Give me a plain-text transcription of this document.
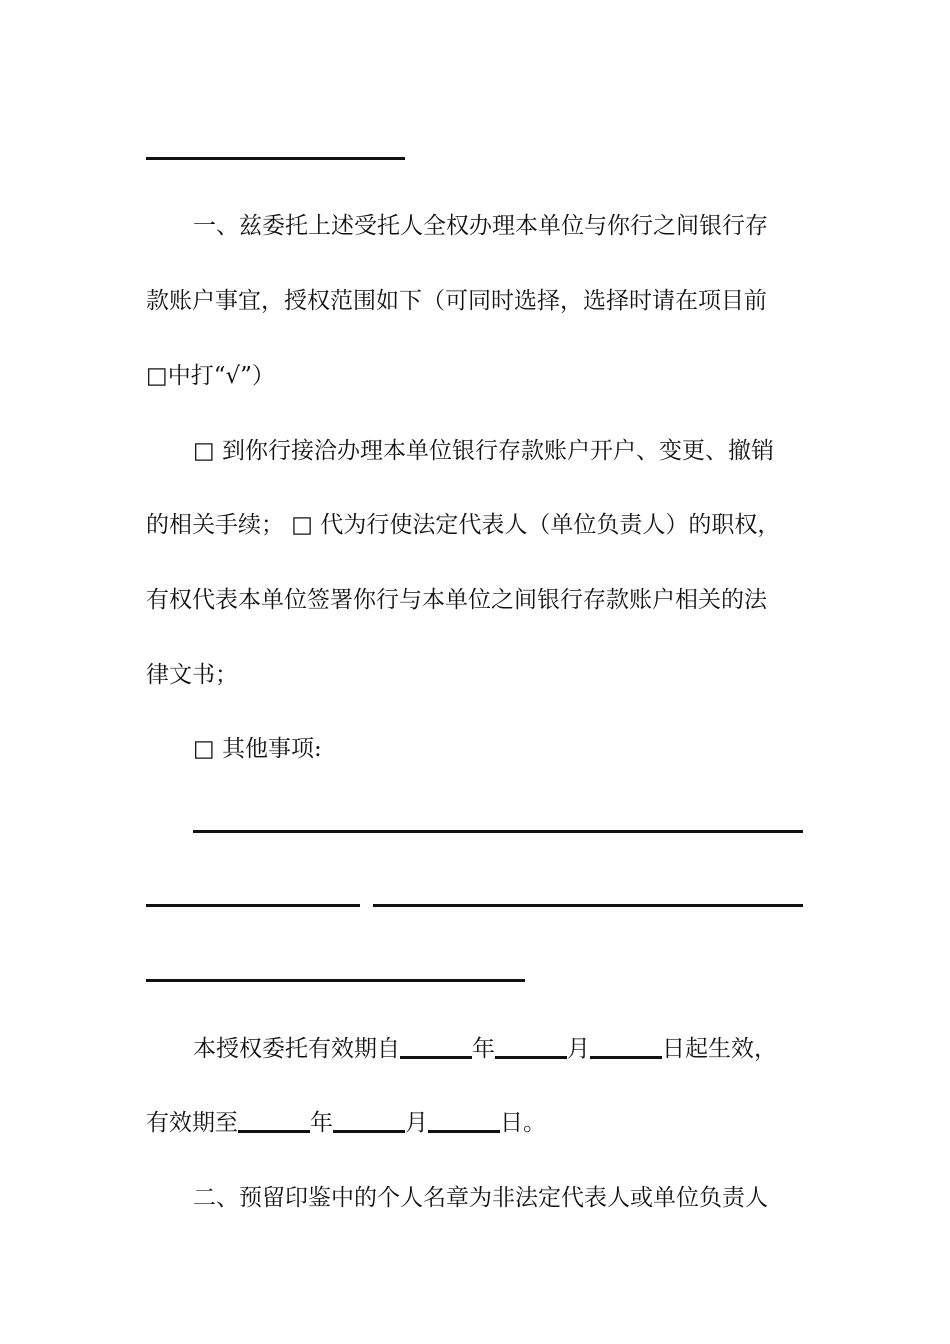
一、兹委托上述受托人全权办理本单位与你行之间银行存
款账户事宜，授权范围如下（可同时选择，选择时请在项目前
□中打“√”）
□ 到你行接洽办理本单位银行存款账户开户、变更、撤销
的相关手续； □ 代为行使法定代表人（单位负责人）的职权，
有权代表本单位签署你行与本单位之间银行存款账户相关的法
律文书；
□ 其他事项:
本授权委托有效期自	年	月	日起生效，
有效期至	年	月	日。
二、预留印鉴中的个人名章为非法定代表人或单位负责人
